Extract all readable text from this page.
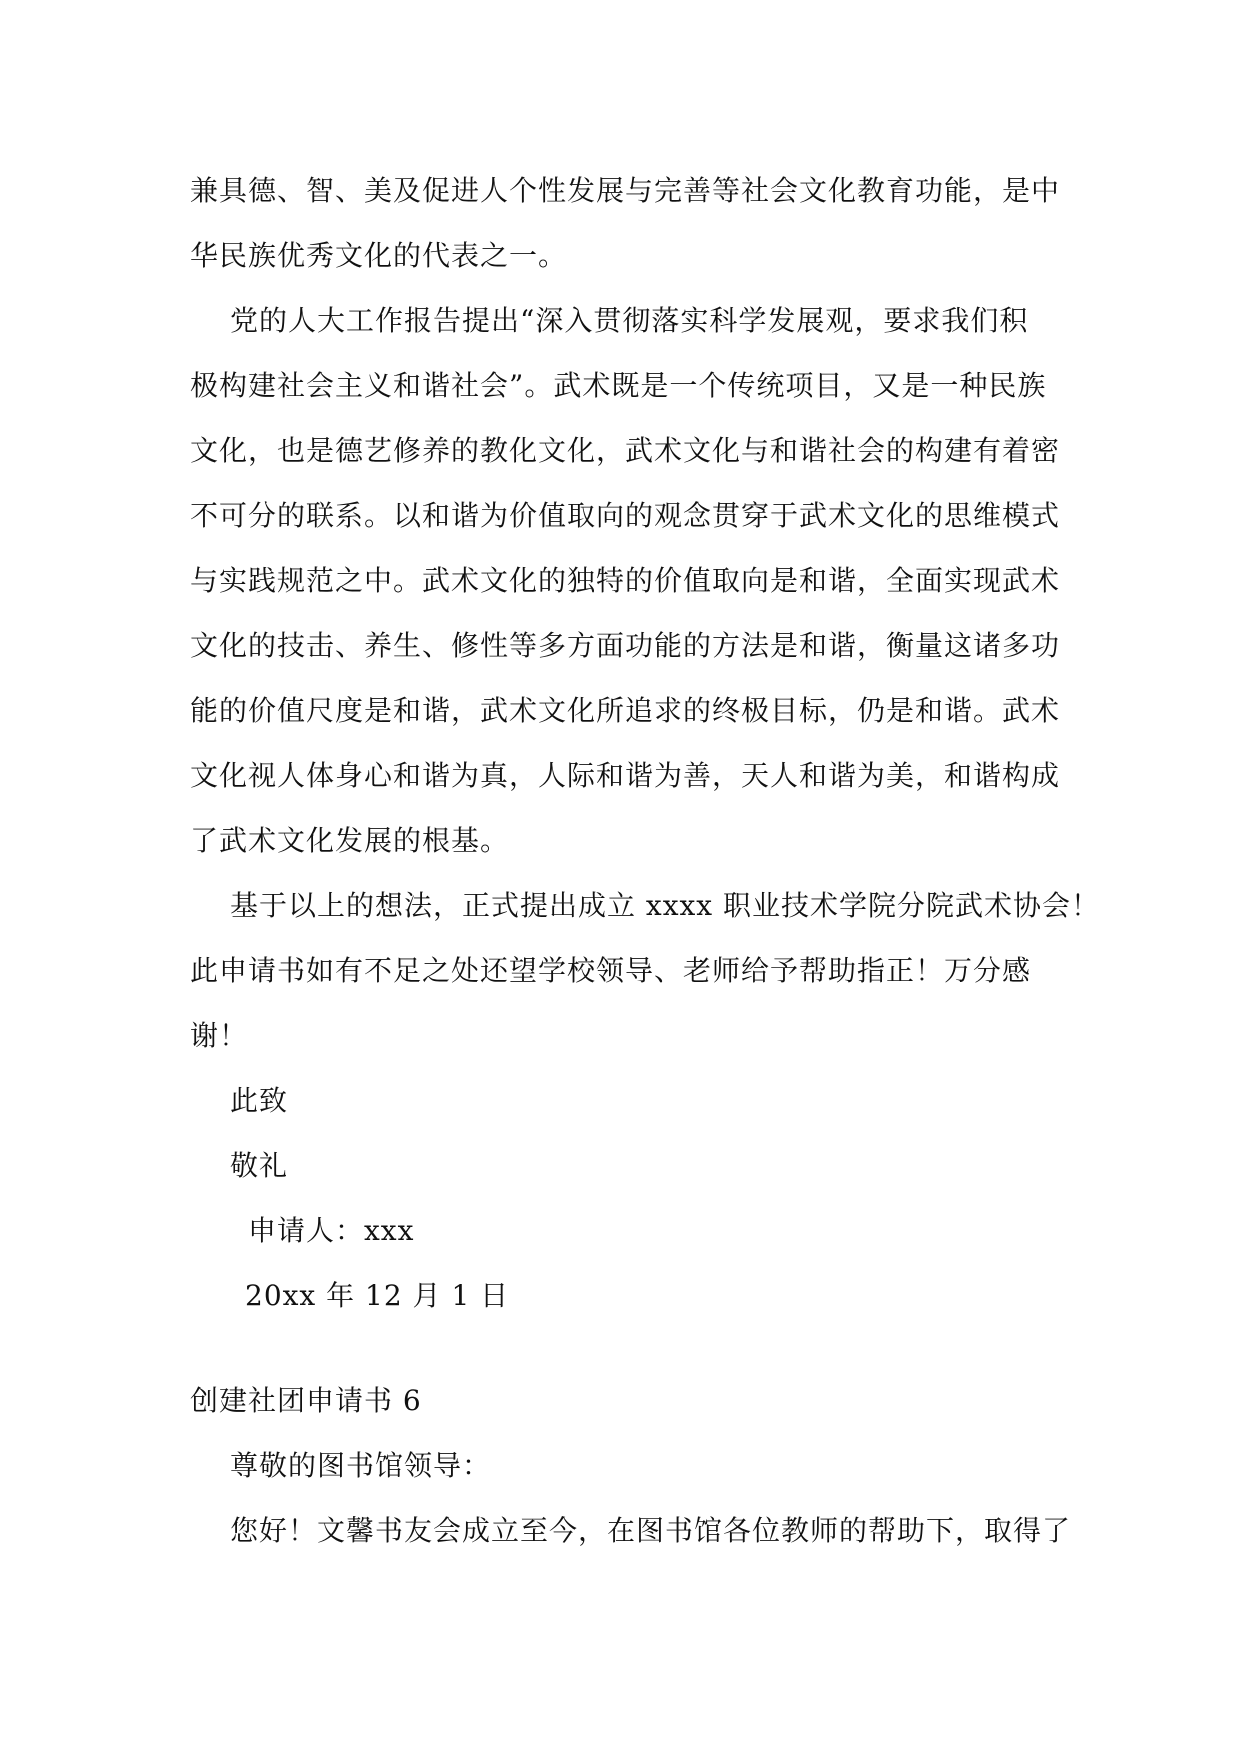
兼具德、智、美及促进人个性发展与完善等社会文化教育功能，是中
华民族优秀文化的代表之一。
党的人大工作报告提出“深入贯彻落实科学发展观，要求我们积
极构建社会主义和谐社会”。武术既是一个传统项目，又是一种民族
文化，也是德艺修养的教化文化，武术文化与和谐社会的构建有着密
不可分的联系。以和谐为价值取向的观念贯穿于武术文化的思维模式
与实践规范之中。武术文化的独特的价值取向是和谐，全面实现武术
文化的技击、养生、修性等多方面功能的方法是和谐，衡量这诸多功
能的价值尺度是和谐，武术文化所追求的终极目标，仍是和谐。武术
文化视人体身心和谐为真，人际和谐为善，天人和谐为美，和谐构成
了武术文化发展的根基。
基于以上的想法，正式提出成立 xxxx 职业技术学院分院武术协会！
此申请书如有不足之处还望学校领导、老师给予帮助指正！万分感
谢！
此致
敬礼
申请人：xxx
20xx 年 12 月 1 日
创建社团申请书 6
尊敬的图书馆领导：
您好！文馨书友会成立至今，在图书馆各位教师的帮助下，取得了
